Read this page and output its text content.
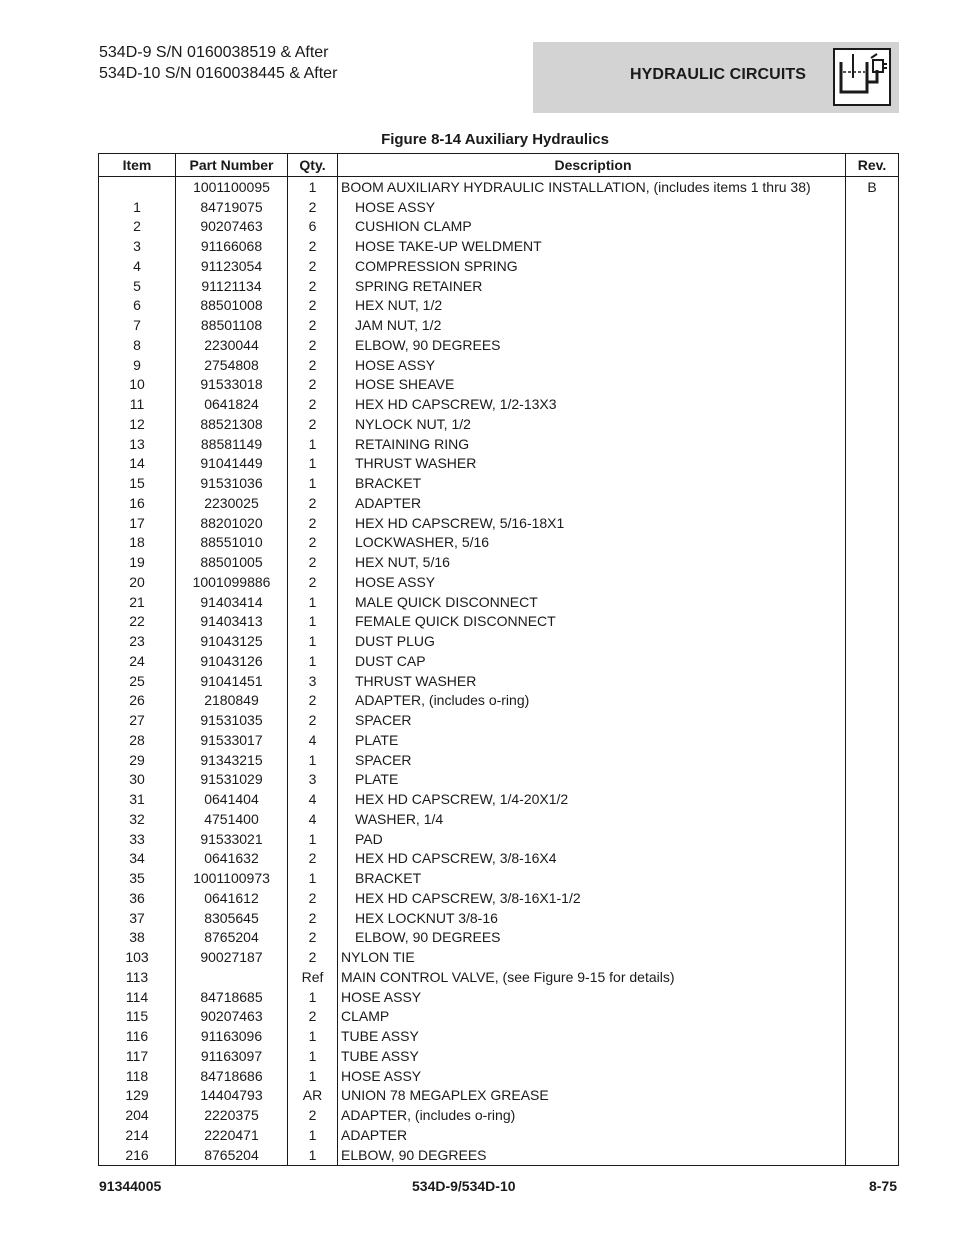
534D-9 S/N 0160038519 & After
534D-10 S/N 0160038445 & After	HYDRAULIC CIRCUITS
Figure 8-14 Auxiliary Hydraulics
Item	Part Number	Qty.	Description	Rev.
	1001100095	1	BOOM AUXILIARY HYDRAULIC INSTALLATION, (includes items 1 thru 38)	B
1	84719075	2	HOSE ASSY	
2	90207463	6	CUSHION CLAMP	
3	91166068	2	HOSE TAKE-UP WELDMENT	
4	91123054	2	COMPRESSION SPRING	
5	91121134	2	SPRING RETAINER	
6	88501008	2	HEX NUT, 1/2	
7	88501108	2	JAM NUT, 1/2	
8	2230044	2	ELBOW, 90 DEGREES	
9	2754808	2	HOSE ASSY	
10	91533018	2	HOSE SHEAVE	
11	0641824	2	HEX HD CAPSCREW, 1/2-13X3	
12	88521308	2	NYLOCK NUT, 1/2	
13	88581149	1	RETAINING RING	
14	91041449	1	THRUST WASHER	
15	91531036	1	BRACKET	
16	2230025	2	ADAPTER	
17	88201020	2	HEX HD CAPSCREW, 5/16-18X1	
18	88551010	2	LOCKWASHER, 5/16	
19	88501005	2	HEX NUT, 5/16	
20	1001099886	2	HOSE ASSY	
21	91403414	1	MALE QUICK DISCONNECT	
22	91403413	1	FEMALE QUICK DISCONNECT	
23	91043125	1	DUST PLUG	
24	91043126	1	DUST CAP	
25	91041451	3	THRUST WASHER	
26	2180849	2	ADAPTER, (includes o-ring)	
27	91531035	2	SPACER	
28	91533017	4	PLATE	
29	91343215	1	SPACER	
30	91531029	3	PLATE	
31	0641404	4	HEX HD CAPSCREW, 1/4-20X1/2	
32	4751400	4	WASHER, 1/4	
33	91533021	1	PAD	
34	0641632	2	HEX HD CAPSCREW, 3/8-16X4	
35	1001100973	1	BRACKET	
36	0641612	2	HEX HD CAPSCREW, 3/8-16X1-1/2	
37	8305645	2	HEX LOCKNUT 3/8-16	
38	8765204	2	ELBOW, 90 DEGREES	
103	90027187	2	NYLON TIE	
113		Ref	MAIN CONTROL VALVE, (see Figure 9-15 for details)	
114	84718685	1	HOSE ASSY	
115	90207463	2	CLAMP	
116	91163096	1	TUBE ASSY	
117	91163097	1	TUBE ASSY	
118	84718686	1	HOSE ASSY	
129	14404793	AR	UNION 78 MEGAPLEX GREASE	
204	2220375	2	ADAPTER, (includes o-ring)	
214	2220471	1	ADAPTER	
216	8765204	1	ELBOW, 90 DEGREES	
91344005	534D-9/534D-10	8-75
